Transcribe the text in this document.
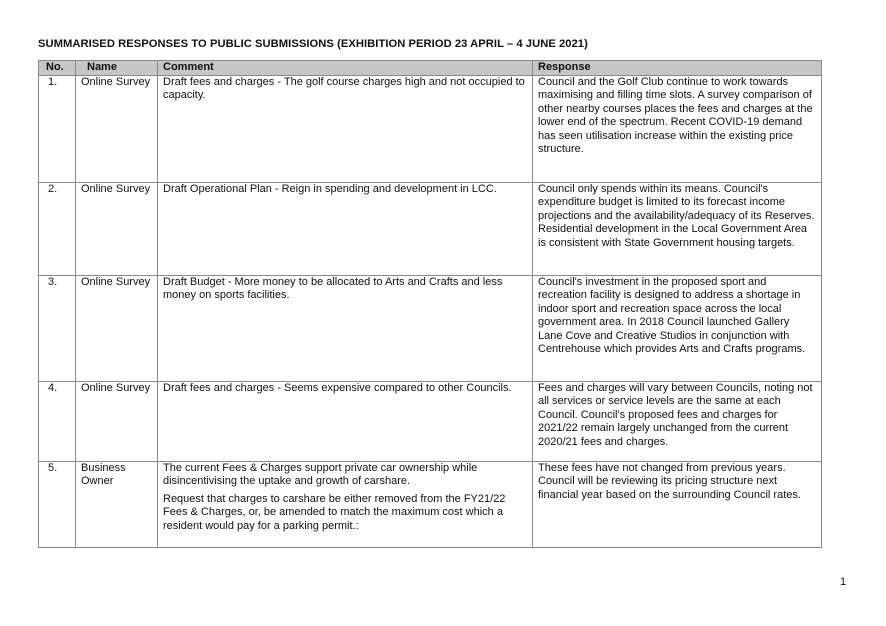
SUMMARISED RESPONSES TO PUBLIC SUBMISSIONS (EXHIBITION PERIOD 23 APRIL – 4 JUNE 2021)
No.	Name	Comment	Response
1.	Online Survey	Draft fees and charges - The golf course charges high and not occupied to capacity.	Council and the Golf Club continue to work towards maximising and filling time slots. A survey comparison of other nearby courses places the fees and charges at the lower end of the spectrum. Recent COVID-19 demand has seen utilisation increase within the existing price structure.
2.	Online Survey	Draft Operational Plan - Reign in spending and development in LCC.	Council only spends within its means. Council's expenditure budget is limited to its forecast income projections and the availability/adequacy of its Reserves. Residential development in the Local Government Area is consistent with State Government housing targets.
3.	Online Survey	Draft Budget - More money to be allocated to Arts and Crafts and less money on sports facilities.	Council's investment in the proposed sport and recreation facility is designed to address a shortage in indoor sport and recreation space across the local government area. In 2018 Council launched Gallery Lane Cove and Creative Studios in conjunction with Centrehouse which provides Arts and Crafts programs.
4.	Online Survey	Draft fees and charges - Seems expensive compared to other Councils.	Fees and charges will vary between Councils, noting not all services or service levels are the same at each Council. Council's proposed fees and charges for 2021/22 remain largely unchanged from the current 2020/21 fees and charges.
5.	Business Owner	The current Fees & Charges support private car ownership while disincentivising the uptake and growth of carshare.
Request that charges to carshare be either removed from the FY21/22 Fees & Charges, or, be amended to match the maximum cost which a resident would pay for a parking permit.:	These fees have not changed from previous years. Council will be reviewing its pricing structure next financial year based on the surrounding Council rates.
1
